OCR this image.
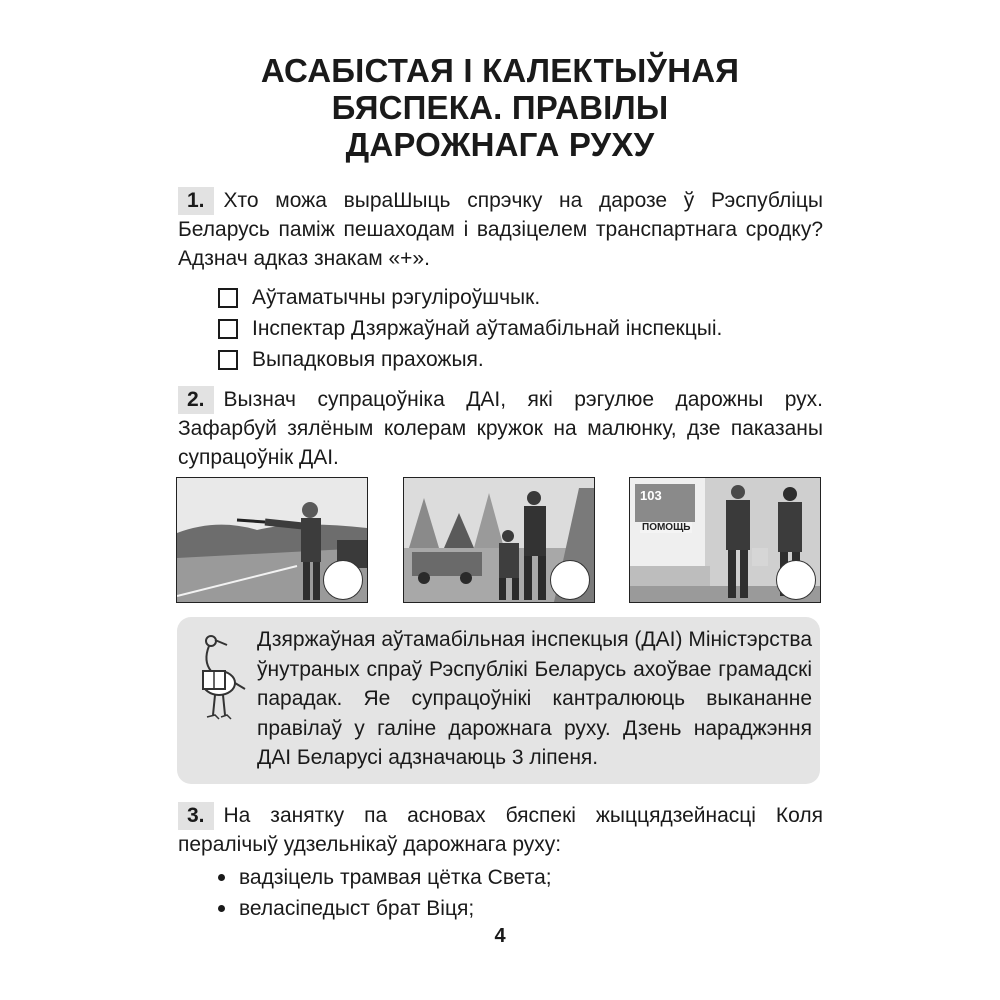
АСАБІСТАЯ І КАЛЕКТЫЎНАЯ
БЯСПЕКА. ПРАВІЛЫ
ДАРОЖНАГА РУХУ
1. Хто можа выраШыць спрэчку на дарозе ў Рэспубліцы Беларусь паміж пешаходам і вадзіцелем транспартнага сродку? Адзнач адказ знакам «+».
Аўтаматычны рэгуліроўшчык.
Інспектар Дзяржаўнай аўтамабільнай інспекцыі.
Выпадковыя прахожыя.
2. Вызнач супрацоўніка ДАІ, які рэгулюе дарожны рух. Зафарбуй зялёным колерам кружок на малюнку, дзе паказаны супрацоўнік ДАІ.
103
ПОМОЩЬ
Дзяржаўная аўтамабільная інспекцыя (ДАІ) Міністэрства ўнутраных спраў Рэспублікі Беларусь ахоўвае грамадскі парадак. Яе супрацоўнікі кантралююць выкананне правілаў у галіне дарожнага руху. Дзень нараджэння ДАІ Беларусі адзначаюць 3 ліпеня.
3. На занятку па асновах бяспекі жыццядзейнасці Коля пералічыў удзельнікаў дарожнага руху:
вадзіцель трамвая цётка Света;
веласіпедыст брат Віця;
4
